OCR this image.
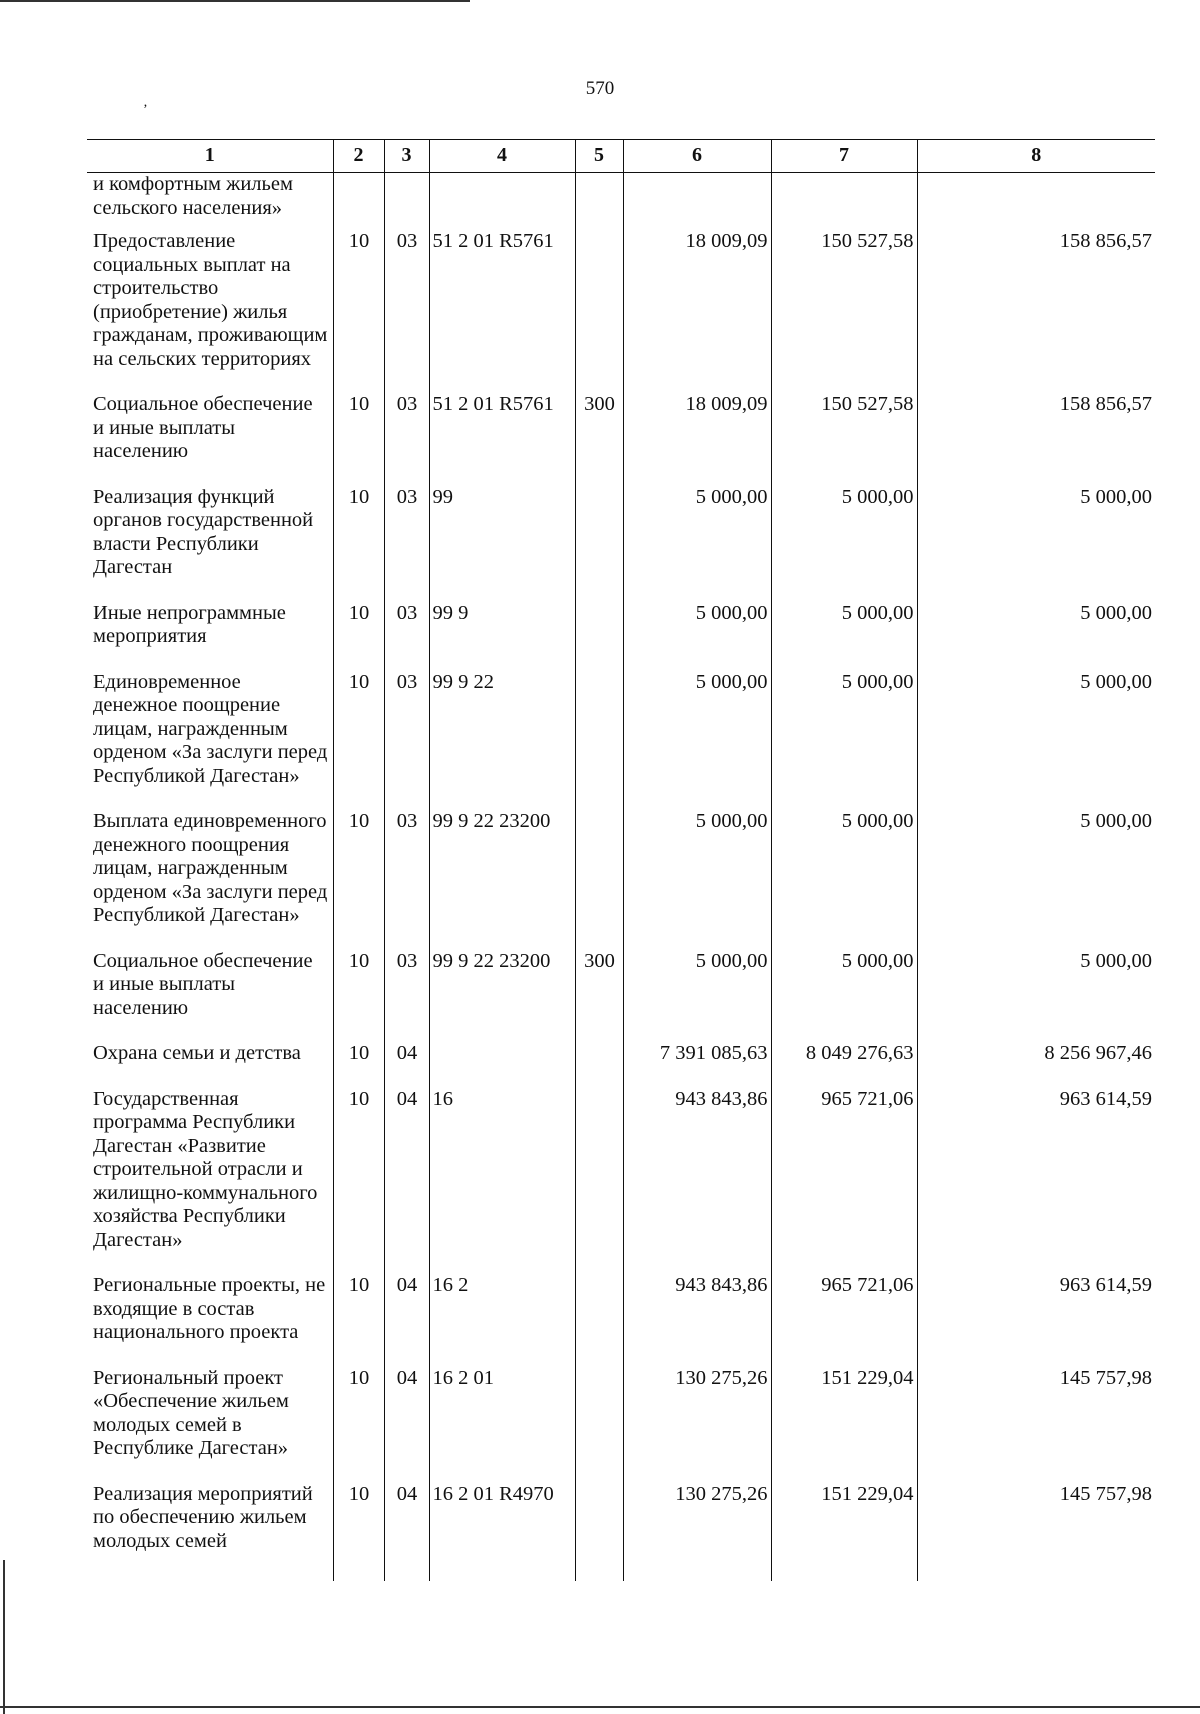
‚
570
1	2	3	4	5	6	7	8
и комфортным жильем сельского населения»							
Предоставление социальных выплат на строительство (приобретение) жилья гражданам, проживающим на сельских территориях	10	03	51 2 01 R5761		18 009,09	150 527,58	158 856,57
Социальное обеспечение и иные выплаты населению	10	03	51 2 01 R5761	300	18 009,09	150 527,58	158 856,57
Реализация функций органов государственной власти Республики Дагестан	10	03	99		5 000,00	5 000,00	5 000,00
Иные непрограммные мероприятия	10	03	99 9		5 000,00	5 000,00	5 000,00
Единовременное денежное поощрение лицам, награжденным орденом «За заслуги перед Республикой Дагестан»	10	03	99 9 22		5 000,00	5 000,00	5 000,00
Выплата единовременного денежного поощрения лицам, награжденным орденом «За заслуги перед Республикой Дагестан»	10	03	99 9 22 23200		5 000,00	5 000,00	5 000,00
Социальное обеспечение и иные выплаты населению	10	03	99 9 22 23200	300	5 000,00	5 000,00	5 000,00
Охрана семьи и детства	10	04			7 391 085,63	8 049 276,63	8 256 967,46
Государственная программа Республики Дагестан «Развитие строительной отрасли и жилищно-коммунального хозяйства Республики Дагестан»	10	04	16		943 843,86	965 721,06	963 614,59
Региональные проекты, не входящие в состав национального проекта	10	04	16 2		943 843,86	965 721,06	963 614,59
Региональный проект «Обеспечение жильем молодых семей в Республике Дагестан»	10	04	16 2 01		130 275,26	151 229,04	145 757,98
Реализация мероприятий по обеспечению жильем молодых семей	10	04	16 2 01 R4970		130 275,26	151 229,04	145 757,98
